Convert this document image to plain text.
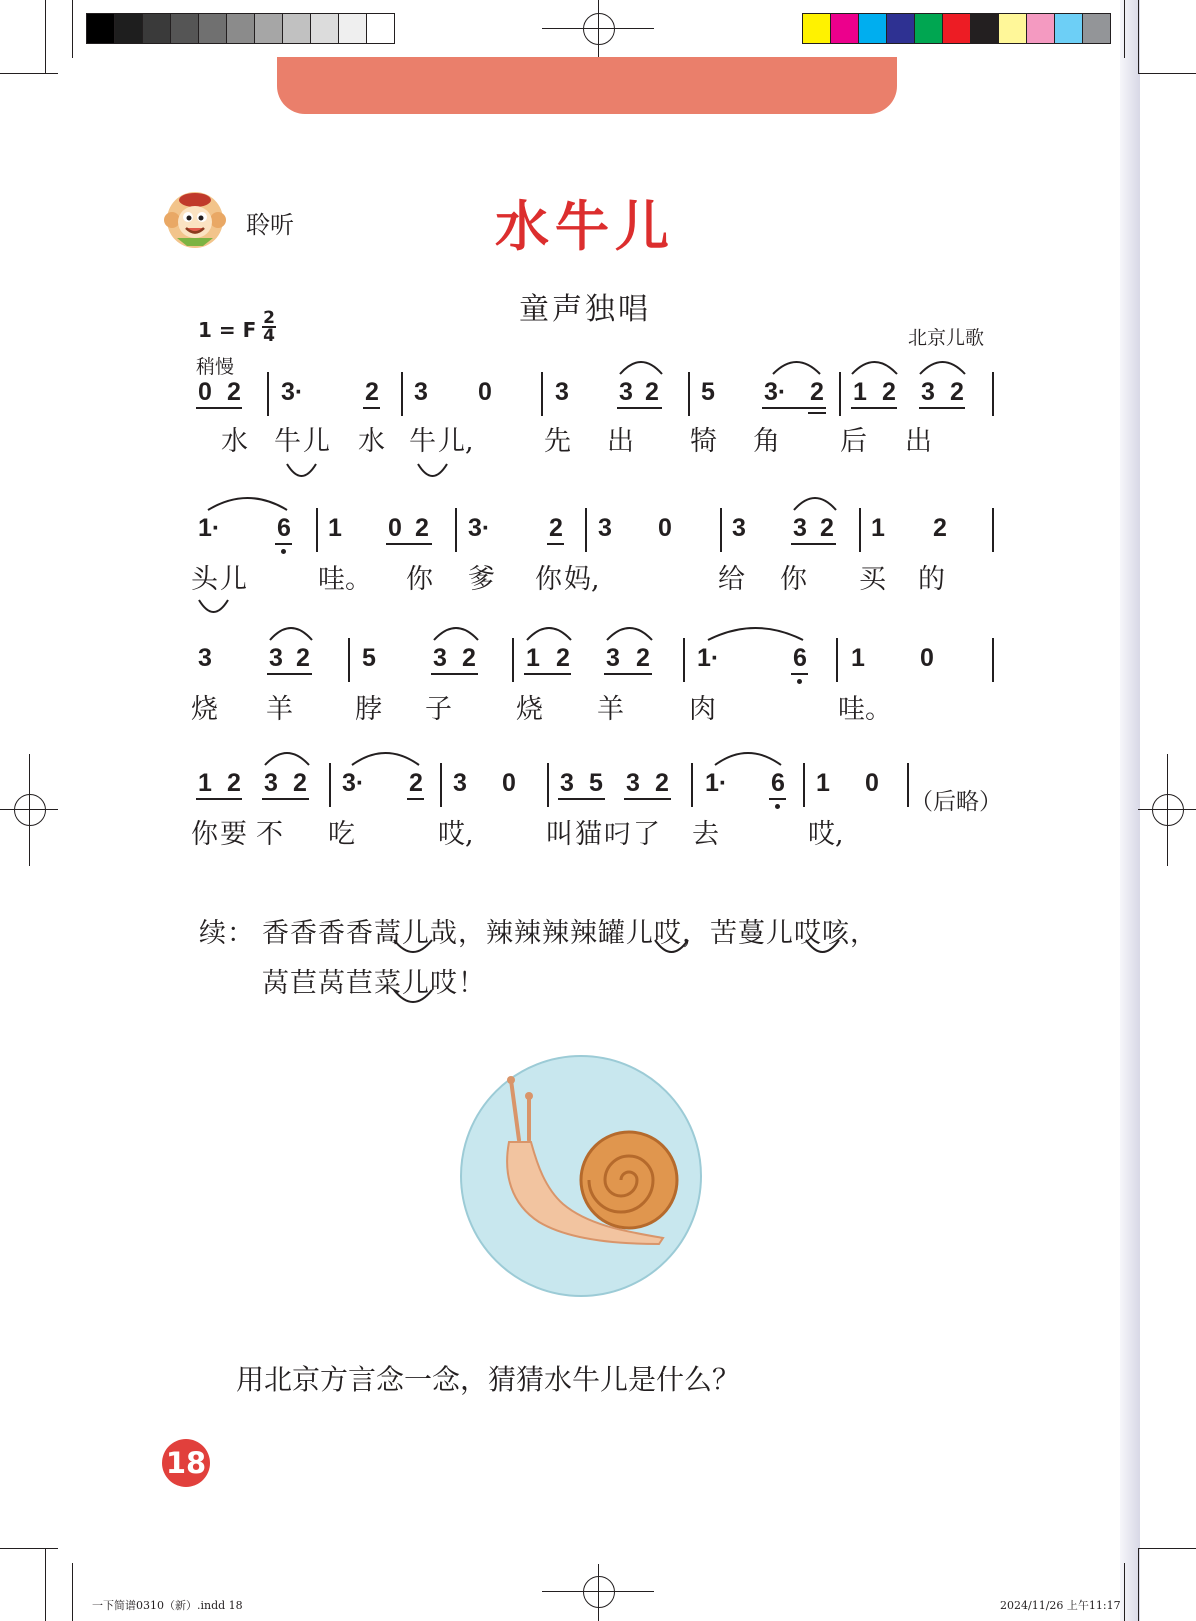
聆听	水牛儿
童声独唱
1 = F 2
4
稍慢
北京儿歌
0 2 3· 2 3 0	3 3 2 5 3· 2 1 2 3 2
1· 6 1 0 2 3· 2 3 0 3 3 2 1 2
3 3 2 5 3 2 1 2 3 2 1·	6 1 0
1 2 3 2 3· 2 3 0 3 5 3 2 1· 6 1 0
水 牛 儿 水 牛 儿,	先 出 犄 角 后 出
头 儿	哇。 你 爹 你 妈,	给 你 买 的
烧 羊 脖 子 烧 羊 肉	哇。
你 要 不 吃	哎,	叫 猫 叼 了 去	哎,
（后略）
续： 香香香香蒿儿哉，辣辣辣辣罐儿哎，苦蔓儿哎咳，
莴苣莴苣菜儿哎！
用北京方言念一念，猜猜水牛儿是什么？
18
一下简谱0310（新）.indd 18	2024/11/26 上午11:17
